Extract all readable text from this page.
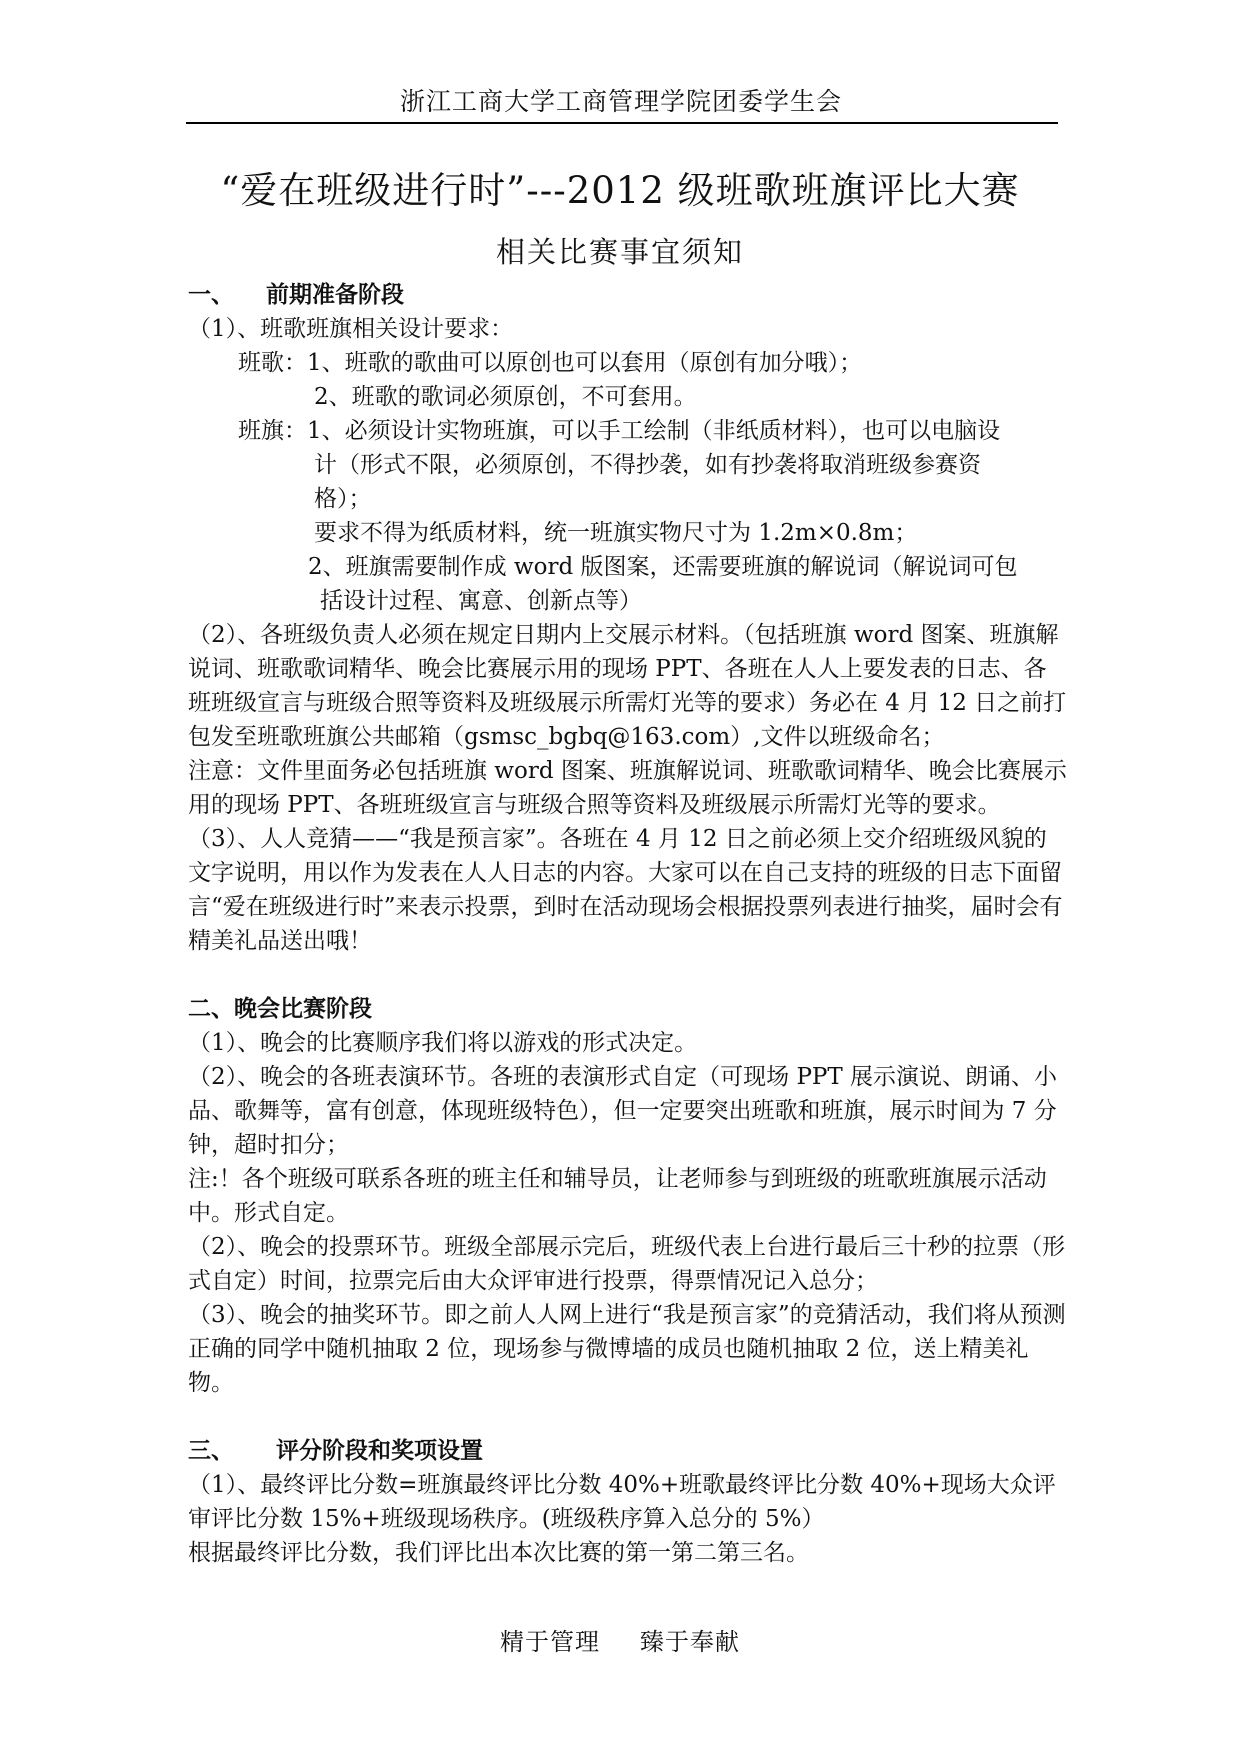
浙江工商大学工商管理学院团委学生会
“爱在班级进行时”---2012 级班歌班旗评比大赛
相关比赛事宜须知

一、 前期准备阶段

（1）、班歌班旗相关设计要求：

班歌：1、班歌的歌曲可以原创也可以套用（原创有加分哦）；

2、班歌的歌词必须原创，不可套用。

班旗：1、必须设计实物班旗，可以手工绘制（非纸质材料），也可以电脑设

计（形式不限，必须原创，不得抄袭，如有抄袭将取消班级参赛资

格）；

要求不得为纸质材料，统一班旗实物尺寸为 1.2m×0.8m；

2、班旗需要制作成 word 版图案，还需要班旗的解说词（解说词可包

括设计过程、寓意、创新点等）

（2）、各班级负责人必须在规定日期内上交展示材料。（包括班旗 word 图案、班旗解说词、班歌歌词精华、晚会比赛展示用的现场 PPT、各班在人人上要发表的日志、各班班级宣言与班级合照等资料及班级展示所需灯光等的要求）务必在 4 月 12 日之前打包发至班歌班旗公共邮箱（gsmsc_bgbq@163.com）,文件以班级命名；

注意：文件里面务必包括班旗 word 图案、班旗解说词、班歌歌词精华、晚会比赛展示用的现场 PPT、各班班级宣言与班级合照等资料及班级展示所需灯光等的要求。

（3）、人人竞猜——“我是预言家”。各班在 4 月 12 日之前必须上交介绍班级风貌的文字说明，用以作为发表在人人日志的内容。大家可以在自己支持的班级的日志下面留言“爱在班级进行时”来表示投票，到时在活动现场会根据投票列表进行抽奖，届时会有精美礼品送出哦！

二、晚会比赛阶段

（1）、晚会的比赛顺序我们将以游戏的形式决定。

（2）、晚会的各班表演环节。各班的表演形式自定（可现场 PPT 展示演说、朗诵、小品、歌舞等，富有创意，体现班级特色），但一定要突出班歌和班旗，展示时间为 7 分钟，超时扣分；

注:！各个班级可联系各班的班主任和辅导员，让老师参与到班级的班歌班旗展示活动中。形式自定。

（2）、晚会的投票环节。班级全部展示完后，班级代表上台进行最后三十秒的拉票（形式自定）时间，拉票完后由大众评审进行投票，得票情况记入总分；

（3）、晚会的抽奖环节。即之前人人网上进行“我是预言家”的竞猜活动，我们将从预测正确的同学中随机抽取 2 位，现场参与微博墙的成员也随机抽取 2 位，送上精美礼物。

三、 评分阶段和奖项设置

（1）、最终评比分数=班旗最终评比分数 40%+班歌最终评比分数 40%+现场大众评审评比分数 15%+班级现场秩序。(班级秩序算入总分的 5%）

根据最终评比分数，我们评比出本次比赛的第一第二第三名。

精于管理 臻于奉献
